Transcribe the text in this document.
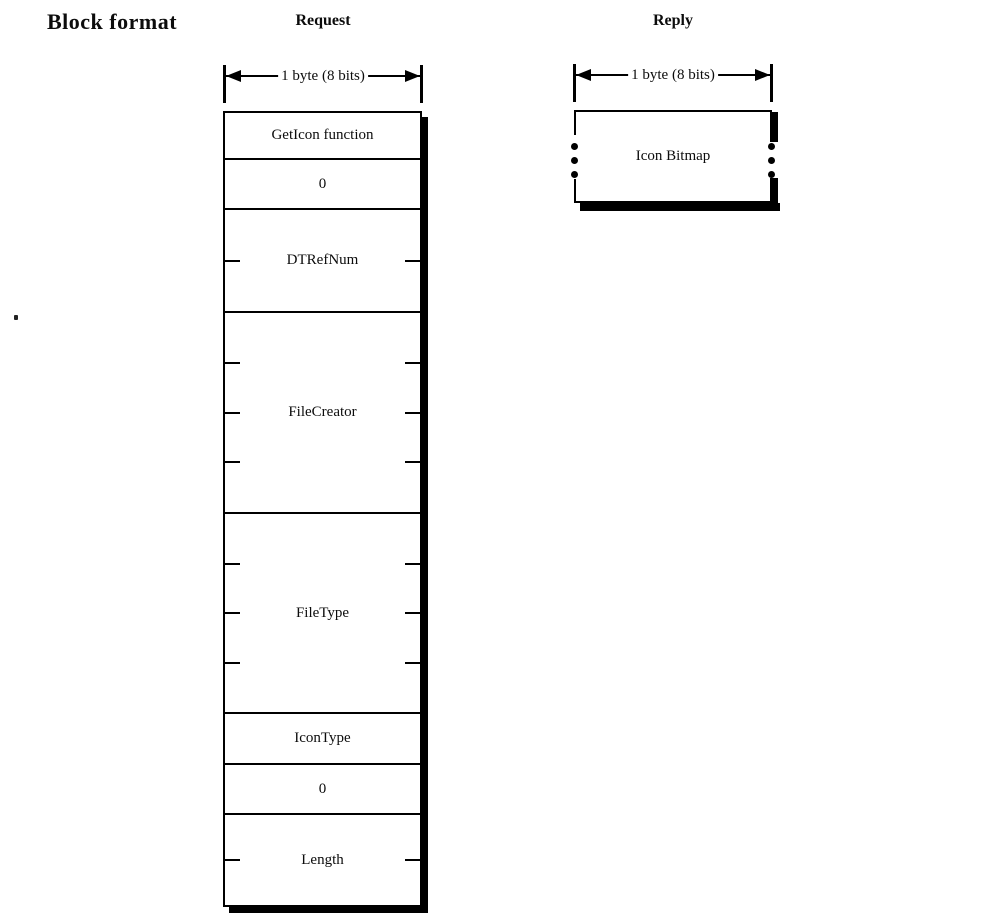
Block format	Request	Reply
1 byte (8 bits)	1 byte (8 bits)
GetIcon function
0
DTRefNum
FileCreator
FileType
IconType
0
Length
Icon Bitmap
